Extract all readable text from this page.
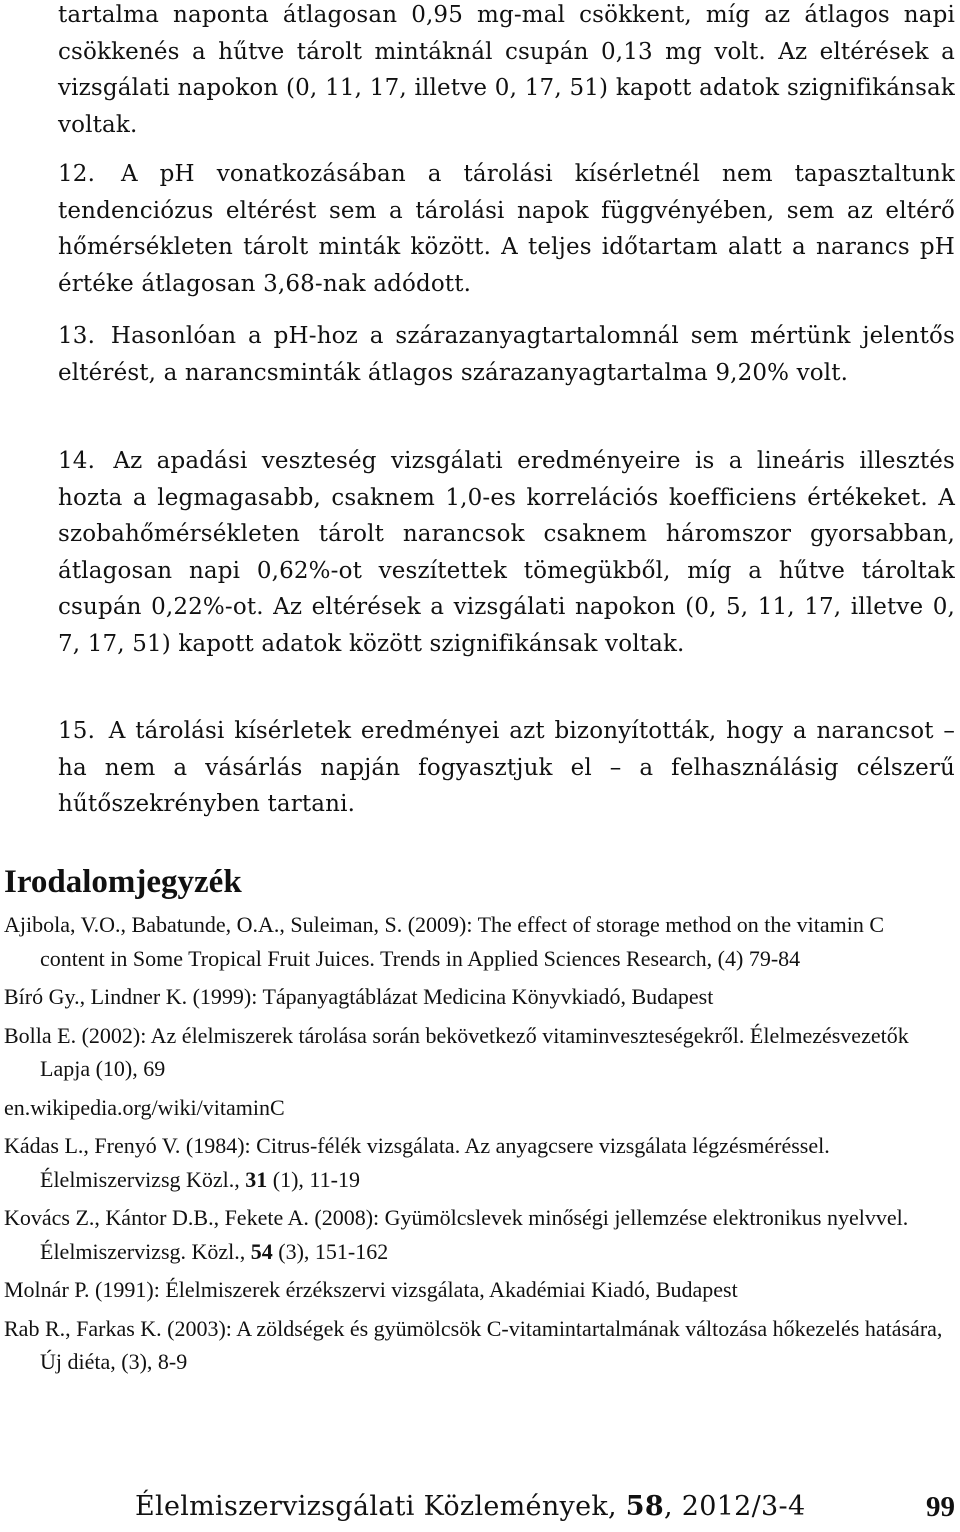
tartalma naponta átlagosan 0,95 mg-mal csökkent, míg az átlagos napi csökkenés a hűtve tárolt mintáknál csupán 0,13 mg volt. Az eltérések a vizsgálati napokon (0, 11, 17, illetve 0, 17, 51) kapott adatok szignifikánsak voltak.

12. A pH vonatkozásában a tárolási kísérletnél nem tapasztaltunk tendenciózus eltérést sem a tárolási napok függvényében, sem az eltérő hőmérsékleten tárolt minták között. A teljes időtartam alatt a narancs pH értéke átlagosan 3,68-nak adódott.

13. Hasonlóan a pH-hoz a szárazanyagtartalomnál sem mértünk jelentős eltérést, a narancsminták átlagos szárazanyagtartalma 9,20% volt.

14. Az apadási veszteség vizsgálati eredményeire is a lineáris illesztés hozta a legmagasabb, csaknem 1,0-es korrelációs koefficiens értékeket. A szobahőmérsékleten tárolt narancsok csaknem háromszor gyorsabban, átlagosan napi 0,62%-ot veszítettek tömegükből, míg a hűtve tároltak csupán 0,22%-ot. Az eltérések a vizsgálati napokon (0, 5, 11, 17, illetve 0, 7, 17, 51) kapott adatok között szignifikánsak voltak.

15. A tárolási kísérletek eredményei azt bizonyították, hogy a narancsot – ha nem a vásárlás napján fogyasztjuk el – a felhasználásig célszerű hűtőszekrényben tartani.

Irodalomjegyzék

Ajibola, V.O., Babatunde, O.A., Suleiman, S. (2009): The effect of storage method on the vitamin C content in Some Tropical Fruit Juices. Trends in Applied Sciences Research, (4) 79-84

Bíró Gy., Lindner K. (1999): Tápanyagtáblázat Medicina Könyvkiadó, Budapest

Bolla E. (2002): Az élelmiszerek tárolása során bekövetkező vitaminveszteségekről. Élelmezésvezetők Lapja (10), 69

en.wikipedia.org/wiki/vitaminC

Kádas L., Frenyó V. (1984): Citrus-félék vizsgálata. Az anyagcsere vizsgálata légzésméréssel. Élelmiszervizsg Közl., 31 (1), 11-19

Kovács Z., Kántor D.B., Fekete A. (2008): Gyümölcslevek minőségi jellemzése elektronikus nyelvvel. Élelmiszervizsg. Közl., 54 (3), 151-162

Molnár P. (1991): Élelmiszerek érzékszervi vizsgálata, Akadémiai Kiadó, Budapest

Rab R., Farkas K. (2003): A zöldségek és gyümölcsök C-vitamintartalmának változása hőkezelés hatására, Új diéta, (3), 8-9

Élelmiszervizsgálati Közlemények, 58, 2012/3-4	99
